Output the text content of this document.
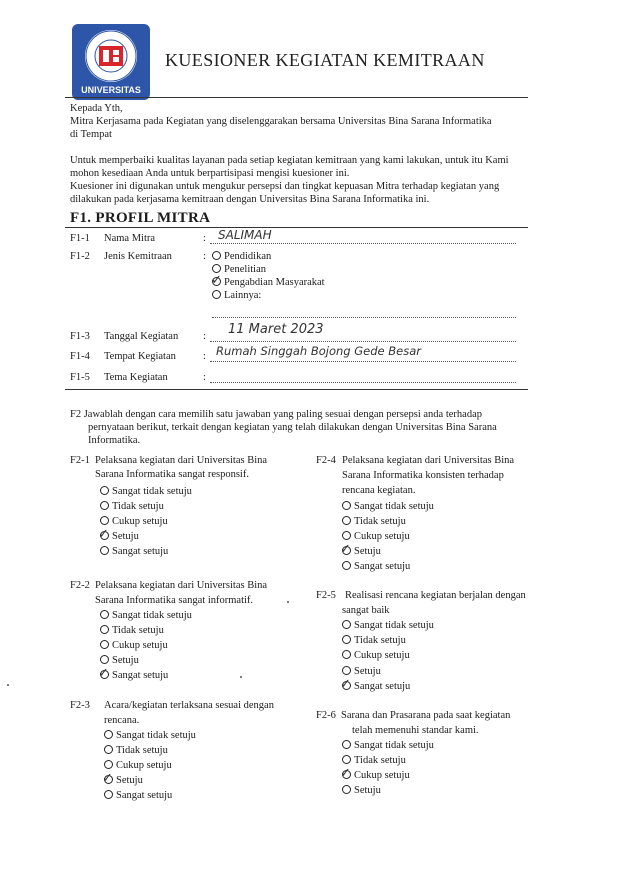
UNIVERSITAS
KUESIONER KEGIATAN KEMITRAAN
Kepada Yth,
Mitra Kerjasama pada Kegiatan yang diselenggarakan bersama Universitas Bina Sarana Informatika
di Tempat
Untuk memperbaiki kualitas layanan pada setiap kegiatan kemitraan yang kami lakukan, untuk itu Kami
mohon kesediaan Anda untuk berpartisipasi mengisi kuesioner ini.
Kuesioner ini digunakan untuk mengukur persepsi dan tingkat kepuasan Mitra terhadap kegiatan yang
dilakukan pada kerjasama kemitraan dengan Universitas Bina Sarana Informatika ini.
F1. PROFIL MITRA
F1-1 Nama Mitra	: SALIMAH
F1-2 Jenis Kemitraan	:	Pendidikan
Penelitian
Pengabdian Masyarakat
✓
Lainnya:
F1-3 Tanggal Kegiatan : 11 Maret 2023
F1-4 Tempat Kegiatan	: Rumah Singgah Bojong Gede Besar
F1-5 Tema Kegiatan	:
F2 Jawablah dengan cara memilih satu jawaban yang paling sesuai dengan persepsi anda terhadap
pernyataan berikut, terkait dengan kegiatan yang telah dilakukan dengan Universitas Bina Sarana
Informatika.
F2-1 Pelaksana kegiatan dari Universitas Bina
Sarana Informatika sangat responsif.
Sangat tidak setuju
Tidak setuju
Cukup setuju
Setuju
✓
Sangat setuju
F2-2 Pelaksana kegiatan dari Universitas Bina
Sarana Informatika sangat informatif.
Sangat tidak setuju
Tidak setuju
Cukup setuju
Setuju
Sangat setuju
✓
F2-3 Acara/kegiatan terlaksana sesuai dengan
rencana.
Sangat tidak setuju
Tidak setuju
Cukup setuju
Setuju
✓
Sangat setuju
F2-4 Pelaksana kegiatan dari Universitas Bina
Sarana Informatika konsisten terhadap
rencana kegiatan.
Sangat tidak setuju
Tidak setuju
Cukup setuju
Setuju
✓
Sangat setuju
F2-5 Realisasi rencana kegiatan berjalan dengan
sangat baik
Sangat tidak setuju
Tidak setuju
Cukup setuju
Setuju
Sangat setuju
✓
F2-6 Sarana dan Prasarana pada saat kegiatan
telah memenuhi standar kami.
Sangat tidak setuju
Tidak setuju
Cukup setuju
✓
Setuju
